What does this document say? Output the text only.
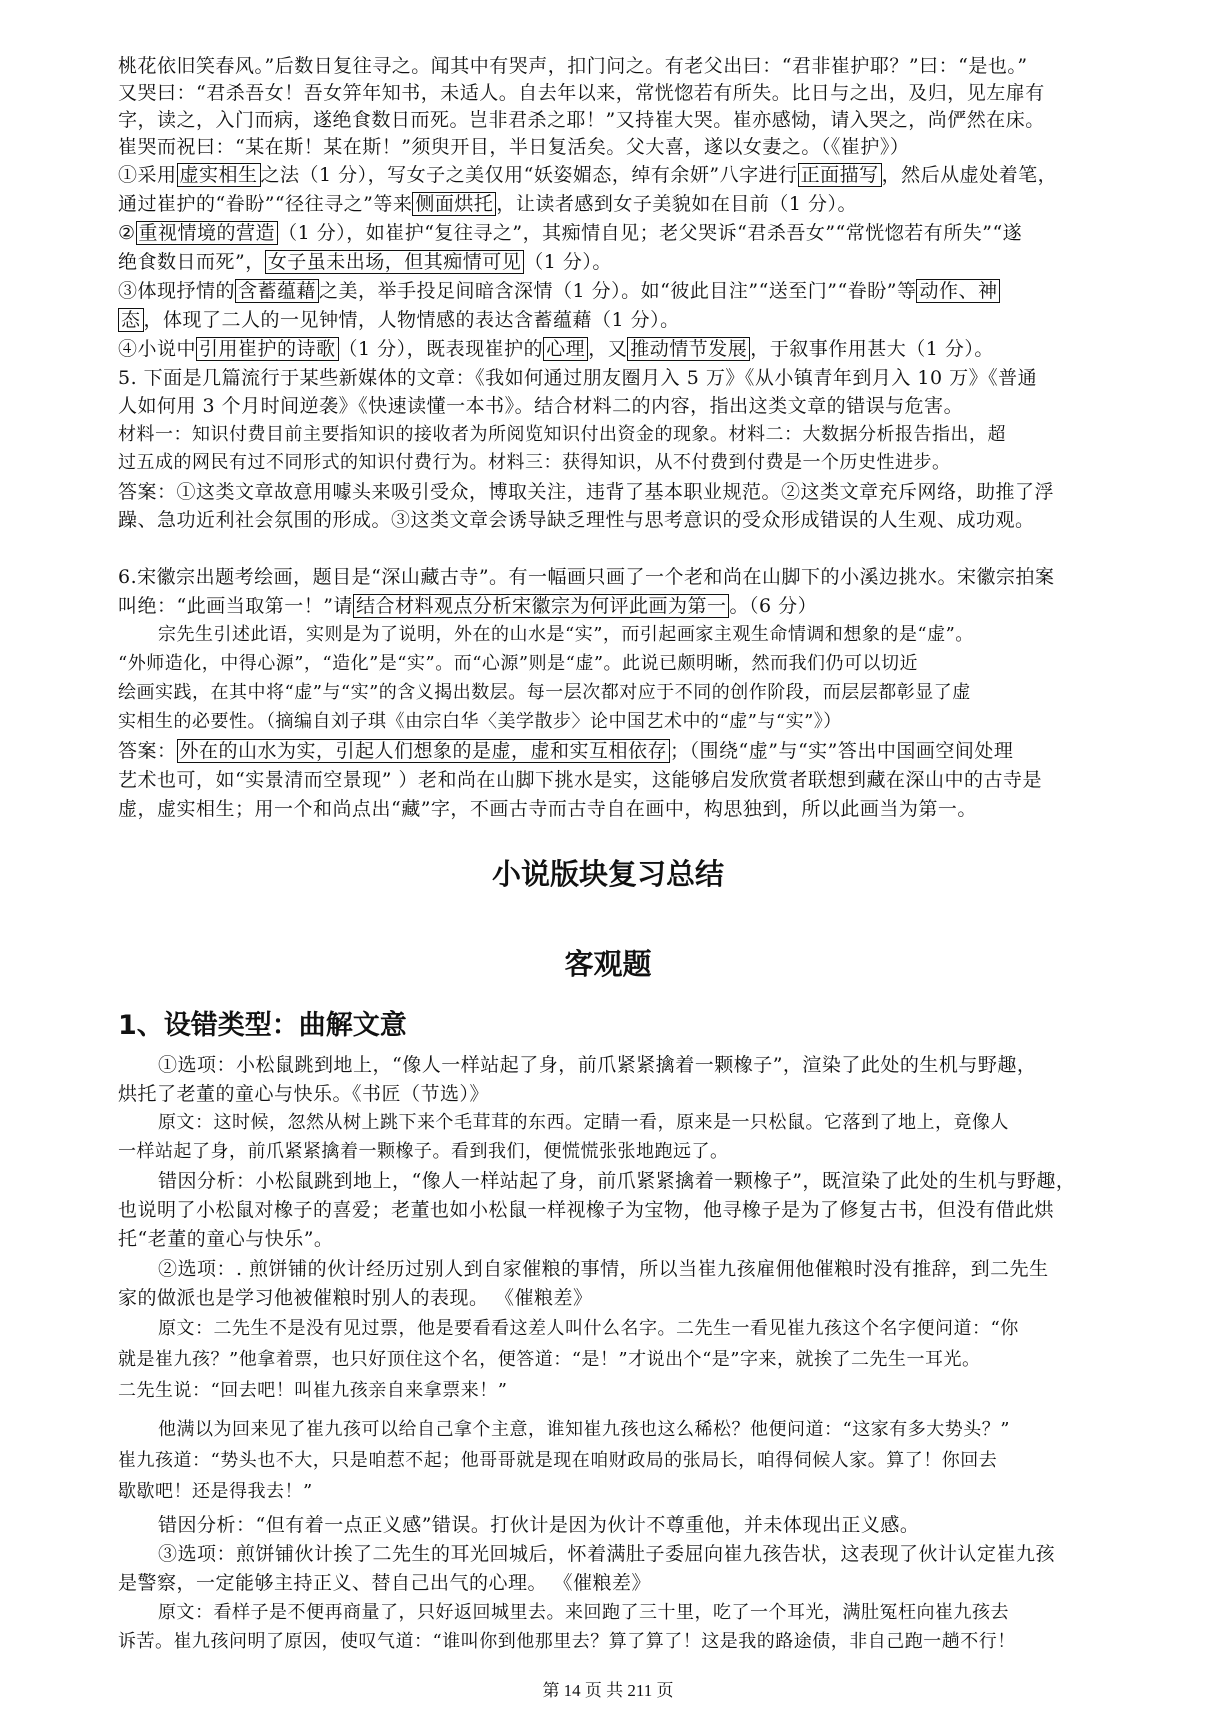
桃花依旧笑春风。”后数日复往寻之。闻其中有哭声，扣门问之。有老父出曰：“君非崔护耶？”曰：“是也。”
又哭曰：“君杀吾女！吾女笄年知书，未适人。自去年以来，常恍惚若有所失。比日与之出，及归，见左扉有
字，读之，入门而病，遂绝食数日而死。岂非君杀之耶！”又持崔大哭。崔亦感恸，请入哭之，尚俨然在床。
崔哭而祝曰：“某在斯！某在斯！”须臾开目，半日复活矣。父大喜，遂以女妻之。（《崔护》）
①采用 虚实相生 之法（1 分），写女子之美仅用“妖姿媚态，绰有余妍”八字进行 正面描写 ，然后从虚处着笔，
通过崔护的“眷盼”“径往寻之”等来 侧面烘托 ，让读者感到女子美貌如在目前（1 分）。
② 重视情境的营造 （1 分），如崔护“复往寻之”，其痴情自见；老父哭诉“君杀吾女”“常恍惚若有所失”“遂
绝食数日而死”， 女子虽未出场，但其痴情可见 （1 分）。
③体现抒情的 含蓄蕴藉 之美，举手投足间暗含深情（1 分）。如“彼此目注”“送至门”“眷盼”等 动作、神
态 ，体现了二人的一见钟情，人物情感的表达含蓄蕴藉（1 分）。
④小说中 引用崔护的诗歌 （1 分），既表现崔护的 心理 ，又 推动情节发展 ，于叙事作用甚大（1 分）。
5. 下面是几篇流行于某些新媒体的文章：《我如何通过朋友圈月入 5 万》《从小镇青年到月入 10 万》《普通
人如何用 3 个月时间逆袭》《快速读懂一本书》。结合材料二的内容，指出这类文章的错误与危害。
材料一：知识付费目前主要指知识的接收者为所阅览知识付出资金的现象。材料二：大数据分析报告指出，超
过五成的网民有过不同形式的知识付费行为。材料三：获得知识，从不付费到付费是一个历史性进步。
答案：①这类文章故意用噱头来吸引受众，博取关注，违背了基本职业规范。②这类文章充斥网络，助推了浮
躁、急功近利社会氛围的形成。③这类文章会诱导缺乏理性与思考意识的受众形成错误的人生观、成功观。
6.宋徽宗出题考绘画，题目是“深山藏古寺”。有一幅画只画了一个老和尚在山脚下的小溪边挑水。宋徽宗拍案
叫绝：“此画当取第一！”请 结合材料观点分析宋徽宗为何评此画为第一 。（6 分）
宗先生引述此语，实则是为了说明，外在的山水是“实”，而引起画家主观生命情调和想象的是“虚”。
“外师造化，中得心源”，“造化”是“实”。而“心源”则是“虚”。此说已颇明晰，然而我们仍可以切近
绘画实践，在其中将“虚”与“实”的含义揭出数层。每一层次都对应于不同的创作阶段，而层层都彰显了虚
实相生的必要性。（摘编自刘子琪《由宗白华〈美学散步〉论中国艺术中的“虚”与“实”》）
答案： 外在的山水为实，引起人们想象的是虚，虚和实互相依存 ；（围绕“虚”与“实”答出中国画空间处理
艺术也可，如“实景清而空景现” ）老和尚在山脚下挑水是实，这能够启发欣赏者联想到藏在深山中的古寺是
虚，虚实相生；用一个和尚点出“藏”字，不画古寺而古寺自在画中，构思独到，所以此画当为第一。
小说版块复习总结
客观题
1、设错类型：曲解文意
①选项：小松鼠跳到地上，“像人一样站起了身，前爪紧紧擒着一颗橡子”，渲染了此处的生机与野趣，
烘托了老董的童心与快乐。《书匠（节选）》
原文：这时候，忽然从树上跳下来个毛茸茸的东西。定睛一看，原来是一只松鼠。它落到了地上，竟像人
一样站起了身，前爪紧紧擒着一颗橡子。看到我们，便慌慌张张地跑远了。
错因分析：小松鼠跳到地上，“像人一样站起了身，前爪紧紧擒着一颗橡子”，既渲染了此处的生机与野趣，
也说明了小松鼠对橡子的喜爱；老董也如小松鼠一样视橡子为宝物，他寻橡子是为了修复古书，但没有借此烘
托“老董的童心与快乐”。
②选项：. 煎饼铺的伙计经历过别人到自家催粮的事情，所以当崔九孩雇佣他催粮时没有推辞，到二先生
家的做派也是学习他被催粮时别人的表现。 《催粮差》
原文：二先生不是没有见过票，他是要看看这差人叫什么名字。二先生一看见崔九孩这个名字便问道：“你
就是崔九孩？”他拿着票，也只好顶住这个名，便答道：“是！”才说出个“是”字来，就挨了二先生一耳光。
二先生说：“回去吧！叫崔九孩亲自来拿票来！”
他满以为回来见了崔九孩可以给自己拿个主意，谁知崔九孩也这么稀松？他便问道：“这家有多大势头？”
崔九孩道：“势头也不大，只是咱惹不起；他哥哥就是现在咱财政局的张局长，咱得伺候人家。算了！你回去
歇歇吧！还是得我去！”
错因分析：“但有着一点正义感”错误。打伙计是因为伙计不尊重他，并未体现出正义感。
③选项：煎饼铺伙计挨了二先生的耳光回城后，怀着满肚子委屈向崔九孩告状，这表现了伙计认定崔九孩
是警察，一定能够主持正义、替自己出气的心理。 《催粮差》
原文：看样子是不便再商量了，只好返回城里去。来回跑了三十里，吃了一个耳光，满肚冤枉向崔九孩去
诉苦。崔九孩问明了原因，使叹气道：“谁叫你到他那里去？算了算了！这是我的路途债，非自己跑一趟不行！
第 14 页 共 211 页
